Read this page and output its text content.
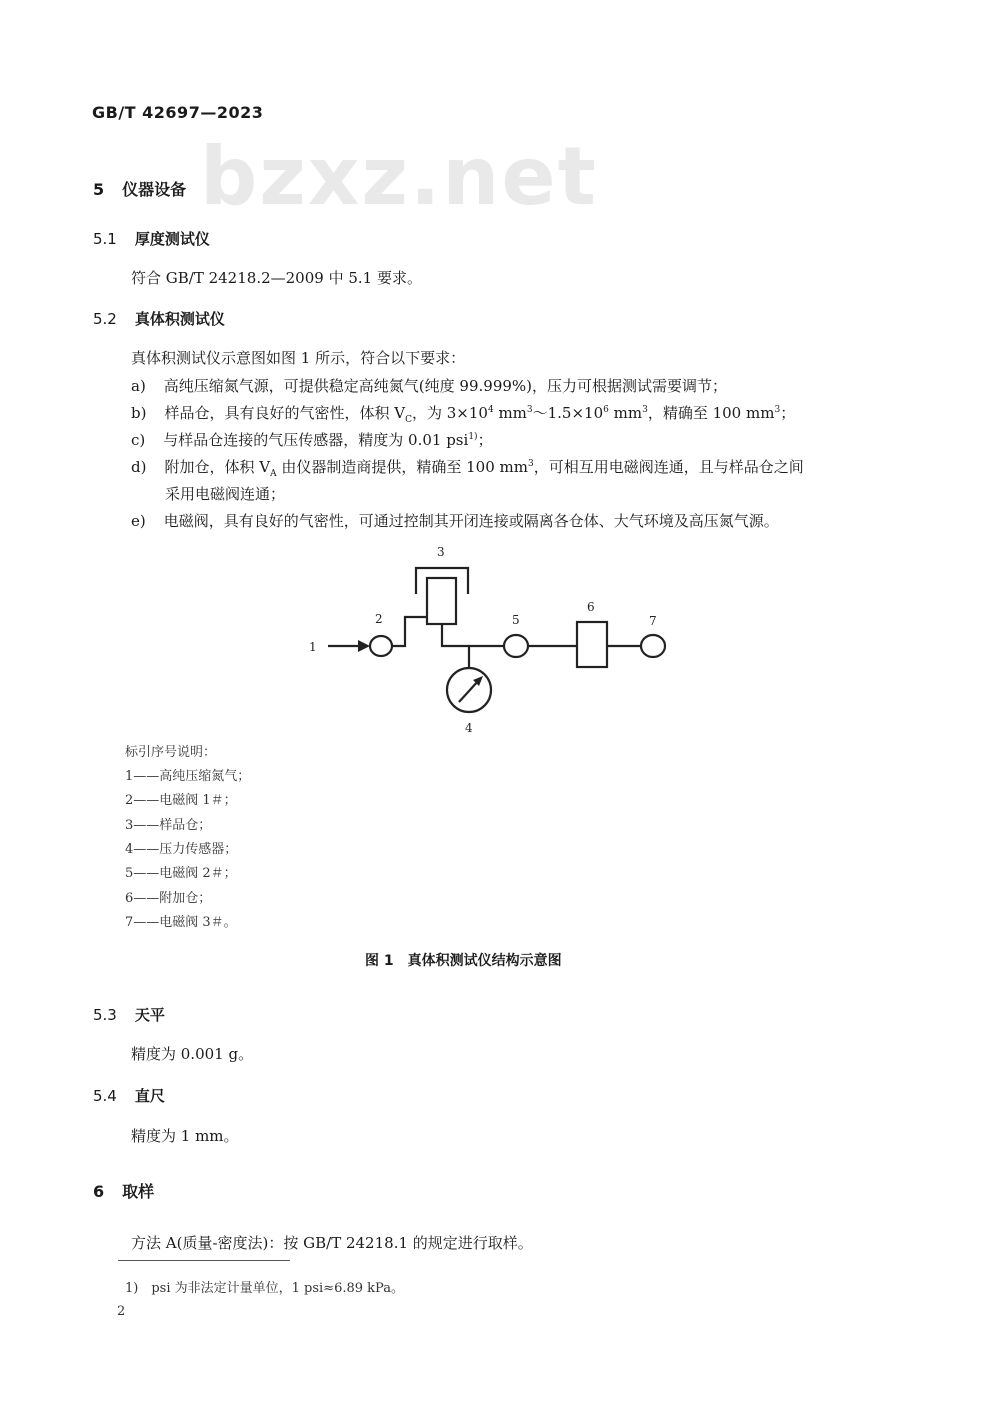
GB/T 42697—2023
bzxz.net
5 仪器设备
5.1 厚度测试仪
符合 GB/T 24218.2—2009 中 5.1 要求。
5.2 真体积测试仪
真体积测试仪示意图如图 1 所示，符合以下要求：
a) 高纯压缩氮气源，可提供稳定高纯氮气(纯度 99.999%)，压力可根据测试需要调节；
b) 样品仓，具有良好的气密性，体积 $V_C$，为 $3\times 10^4$ $mm^3\sim 1.5\times 10^6$ $mm^3$，精确至 100 $mm^3$；
c) 与样品仓连接的气压传感器，精度为 0.01 psi$^{1)}$；
d) 附加仓，体积 $V_A$ 由仪器制造商提供，精确至 100 $mm^3$，可相互用电磁阀连通，且与样品仓之间
采用电磁阀连通；
e) 电磁阀，具有良好的气密性，可通过控制其开闭连接或隔离各仓体、大气环境及高压氮气源。
1
2
3
4
5
6
7
标引序号说明：
1——高纯压缩氮气；
2——电磁阀 1＃；
3——样品仓；
4——压力传感器；
5——电磁阀 2＃；
6——附加仓；
7——电磁阀 3＃。
图 1　真体积测试仪结构示意图
5.3 天平
精度为 0.001 g。
5.4 直尺
精度为 1 mm。
6 取样
方法 A(质量-密度法)：按 GB/T 24218.1 的规定进行取样。
1)　psi 为非法定计量单位，1 psi≈6.89 kPa。
2
